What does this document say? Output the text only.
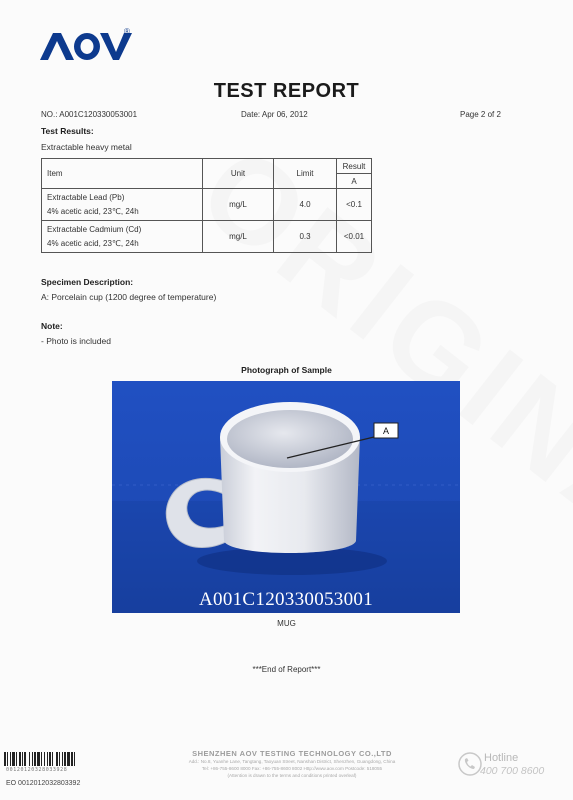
®
TEST REPORT
NO.: A001C120330053001	Date: Apr 06, 2012	Page 2 of 2
Test Results:
Extractable heavy metal
Item	Unit	Limit	Result
			A
Extractable Lead (Pb)
4% acetic acid, 23℃, 24h	mg/L	4.0	<0.1
Extractable Cadmium (Cd)
4% acetic acid, 23℃, 24h	mg/L	0.3	<0.01
Specimen Description:
A: Porcelain cup (1200 degree of temperature)
Note:
- Photo is included
Photograph of Sample
A
A001C120330053001
MUG
***End of Report***
00120120328033928
EO 0012012032803392
SHENZHEN AOV TESTING TECHNOLOGY CO.,LTD
Add.: No.8, Yuanhe Lane, Tangtang, Taoyuan Street, Nanshan District, Shenzhen, Guangdong, China
Tel: +86-755-8600 8000 Fax: +86-755-8600 8002 Http://www.aov.com Postcode: 518055
(Attention is drawn to the terms and conditions printed overleaf)
Hotline
400 700 8600
